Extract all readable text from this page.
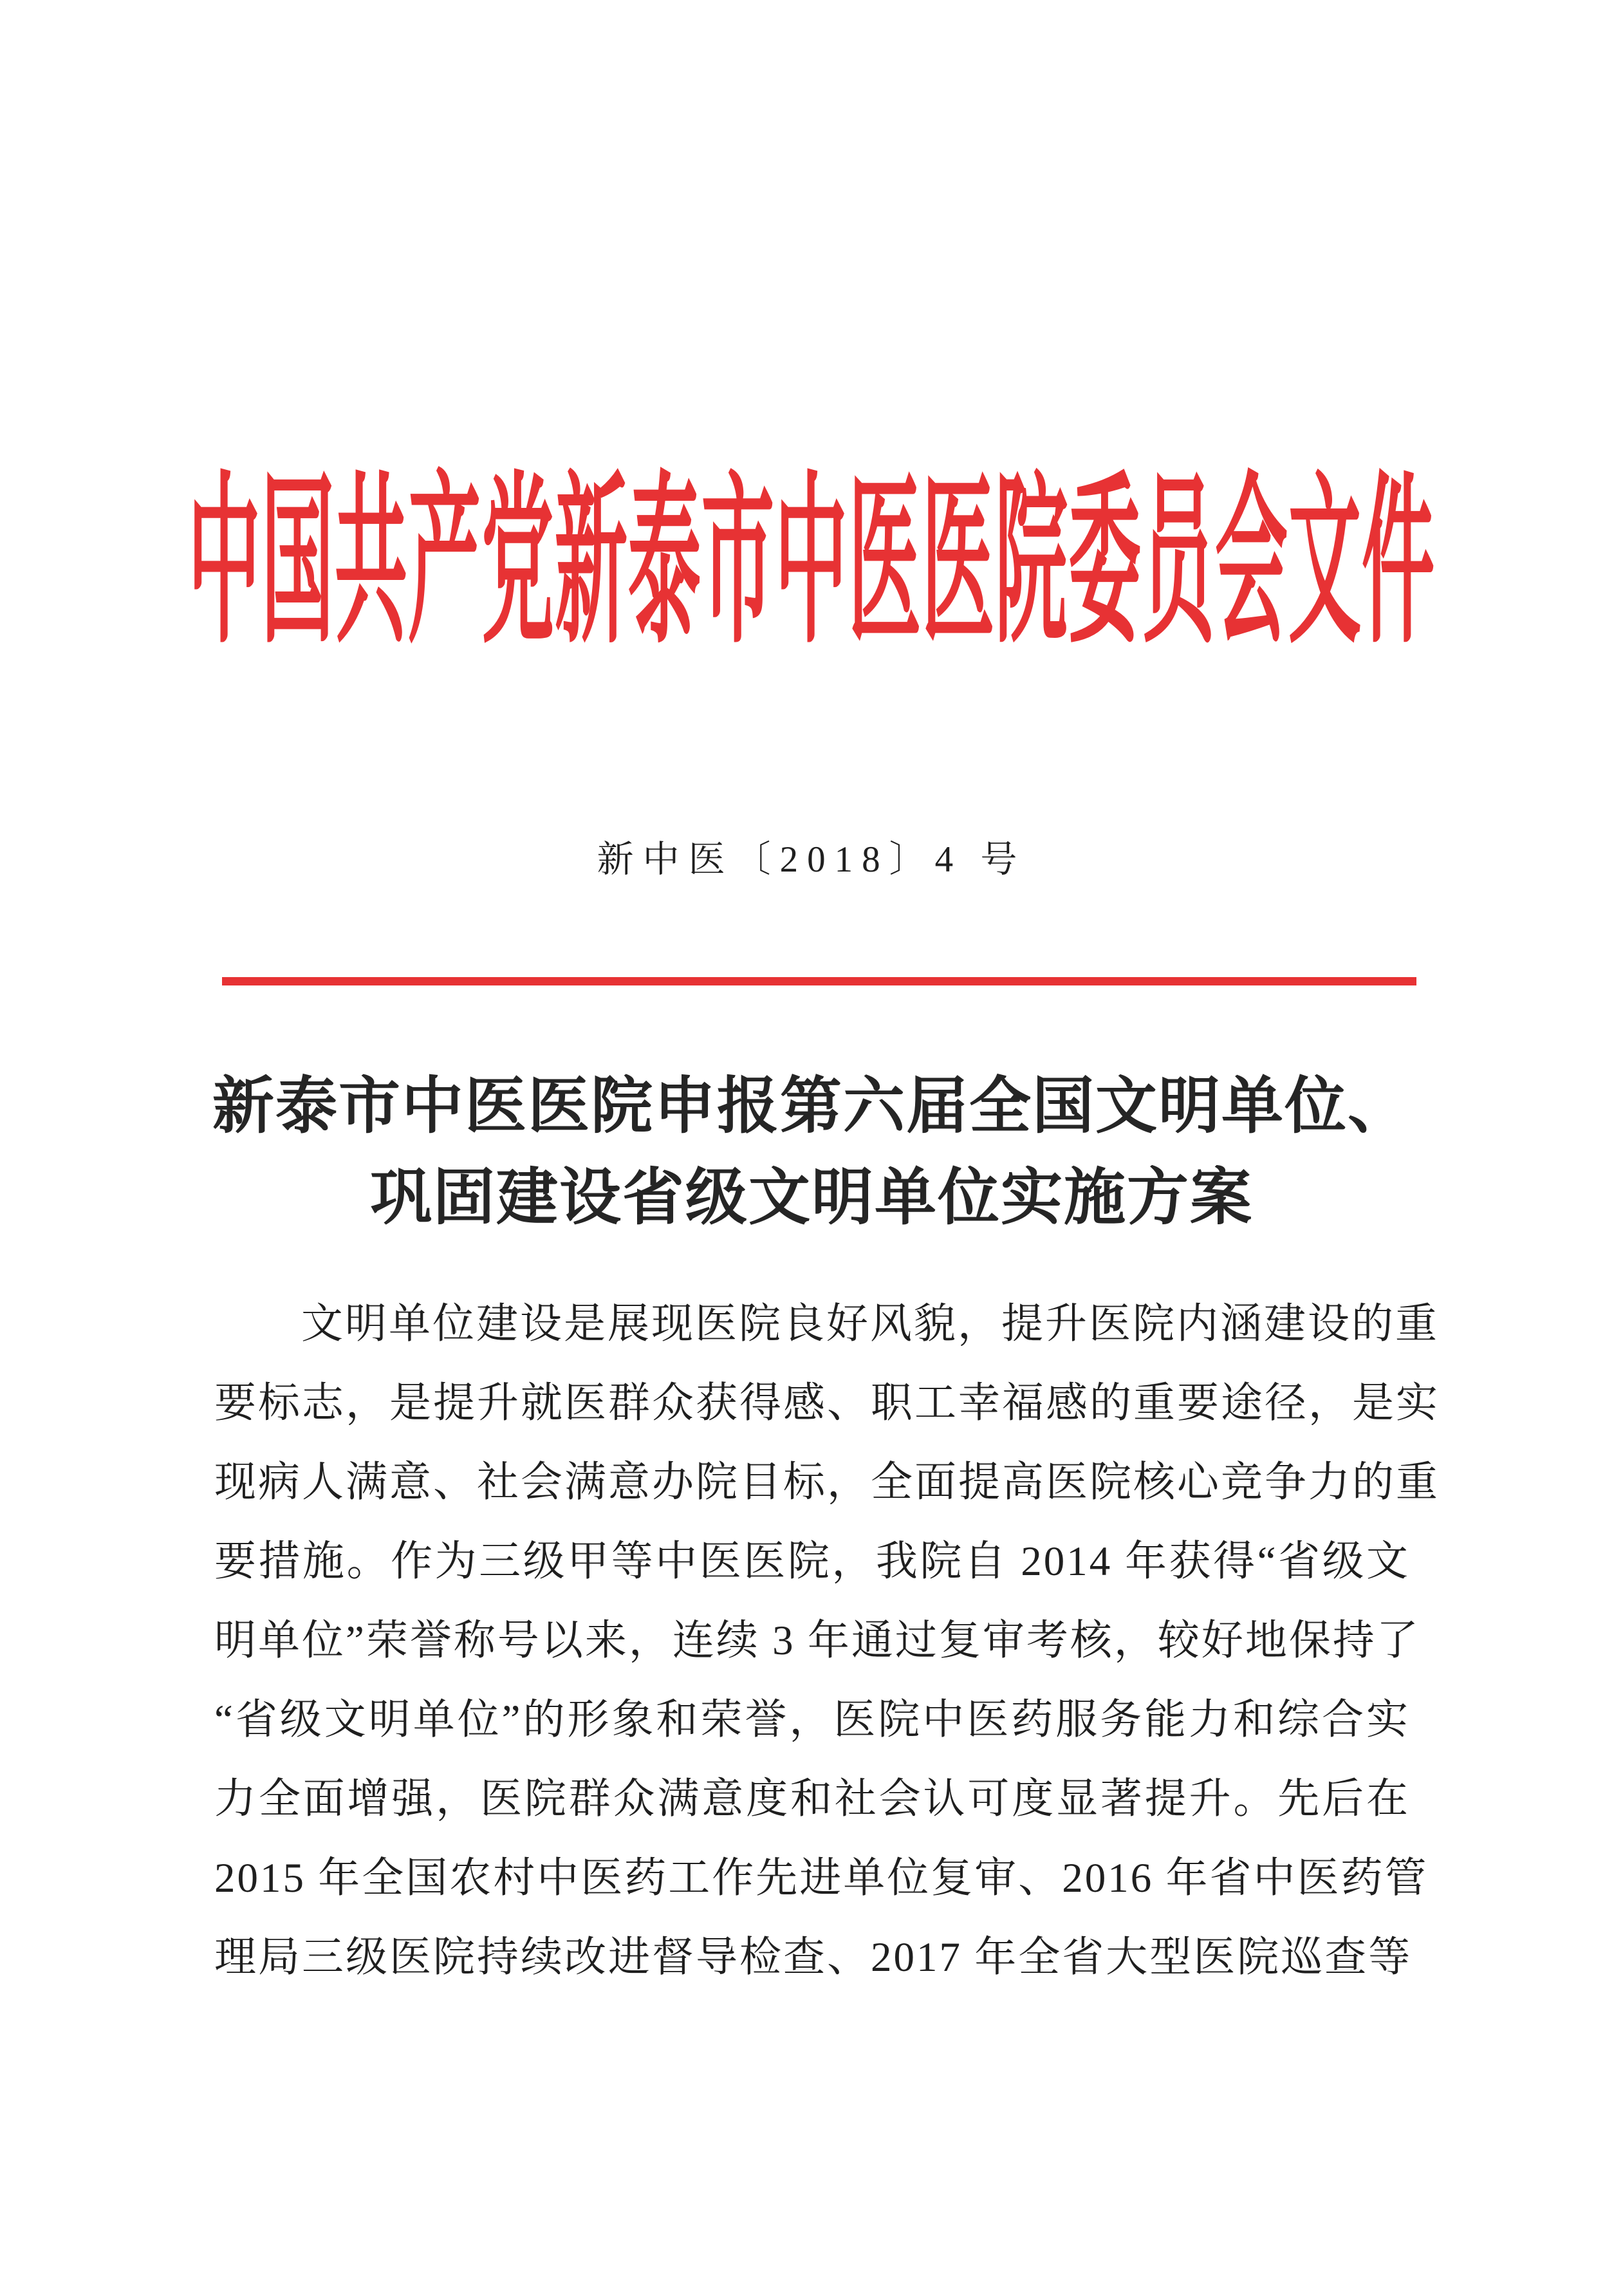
中国共产党新泰市中医医院委员会文件
新中医〔2018〕4 号
新泰市中医医院申报第六届全国文明单位、
巩固建设省级文明单位实施方案
文明单位建设是展现医院良好风貌，提升医院内涵建设的重
要标志，是提升就医群众获得感、职工幸福感的重要途径，是实
现病人满意、社会满意办院目标，全面提高医院核心竞争力的重
要措施。作为三级甲等中医医院，我院自 2014 年获得“省级文
明单位”荣誉称号以来，连续 3 年通过复审考核，较好地保持了
“省级文明单位”的形象和荣誉，医院中医药服务能力和综合实
力全面增强，医院群众满意度和社会认可度显著提升。先后在
2015 年全国农村中医药工作先进单位复审、2016 年省中医药管
理局三级医院持续改进督导检查、2017 年全省大型医院巡查等
